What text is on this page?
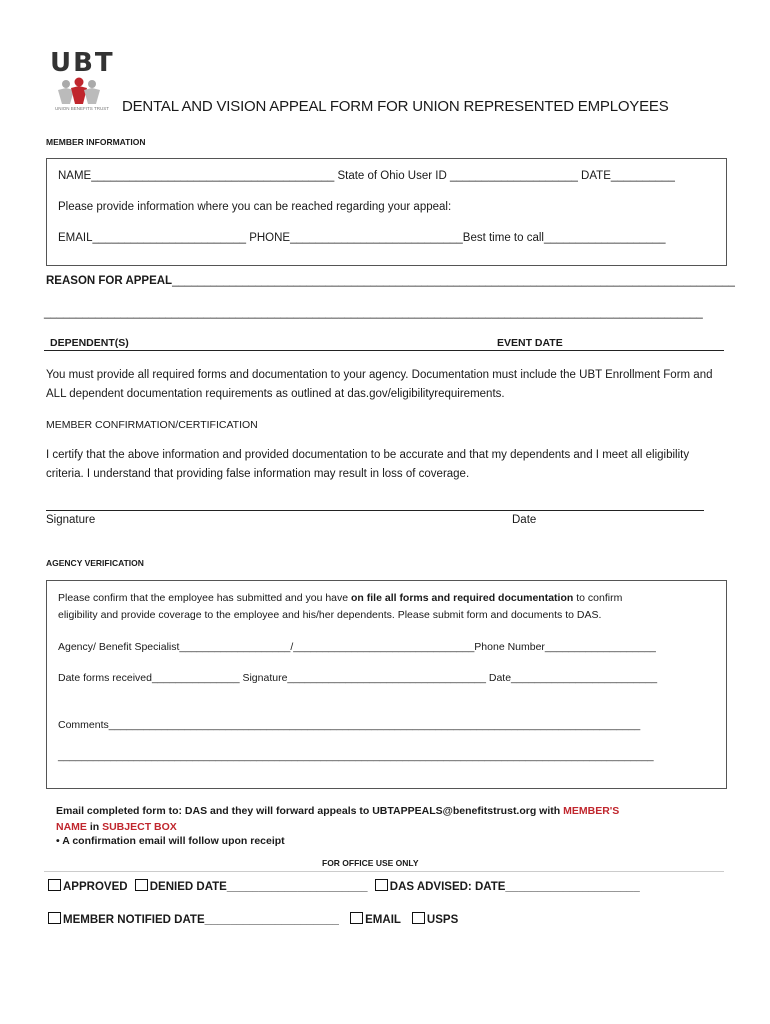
UBT
UNION BENEFITS TRUST DENTAL AND VISION APPEAL FORM FOR UNION REPRESENTED EMPLOYEES
MEMBER INFORMATION
NAME______________________________________ State of Ohio User ID ____________________ DATE__________
Please provide information where you can be reached regarding your appeal:
EMAIL________________________ PHONE___________________________Best time to call___________________
REASON FOR APPEAL________________________________________________________________________________________
_______________________________________________________________________________________________________
DEPENDENT(S)	EVENT DATE
You must provide all required forms and documentation to your agency. Documentation must include the UBT Enrollment Form and
ALL dependent documentation requirements as outlined at das.gov/eligibilityrequirements.
MEMBER CONFIRMATION/CERTIFICATION
I certify that the above information and provided documentation to be accurate and that my dependents and I meet all eligibility
criteria. I understand that providing false information may result in loss of coverage.
Signature	Date
AGENCY VERIFICATION
Please confirm that the employee has submitted and you have on file all forms and required documentation to confirm
eligibility and provide coverage to the employee and his/her dependents. Please submit form and documents to DAS.
Agency/ Benefit Specialist___________________/_______________________________Phone Number___________________
Date forms received_______________ Signature__________________________________ Date_________________________
Comments___________________________________________________________________________________________
______________________________________________________________________________________________________
Email completed form to: DAS and they will forward appeals to UBTAPPEALS@benefitstrust.org with MEMBER'S
NAME in SUBJECT BOX
• A confirmation email will follow upon receipt
FOR OFFICE USE ONLY
APPROVED DENIED DATE______________________ DAS ADVISED: DATE_____________________
MEMBER NOTIFIED DATE_____________________ EMAIL USPS
